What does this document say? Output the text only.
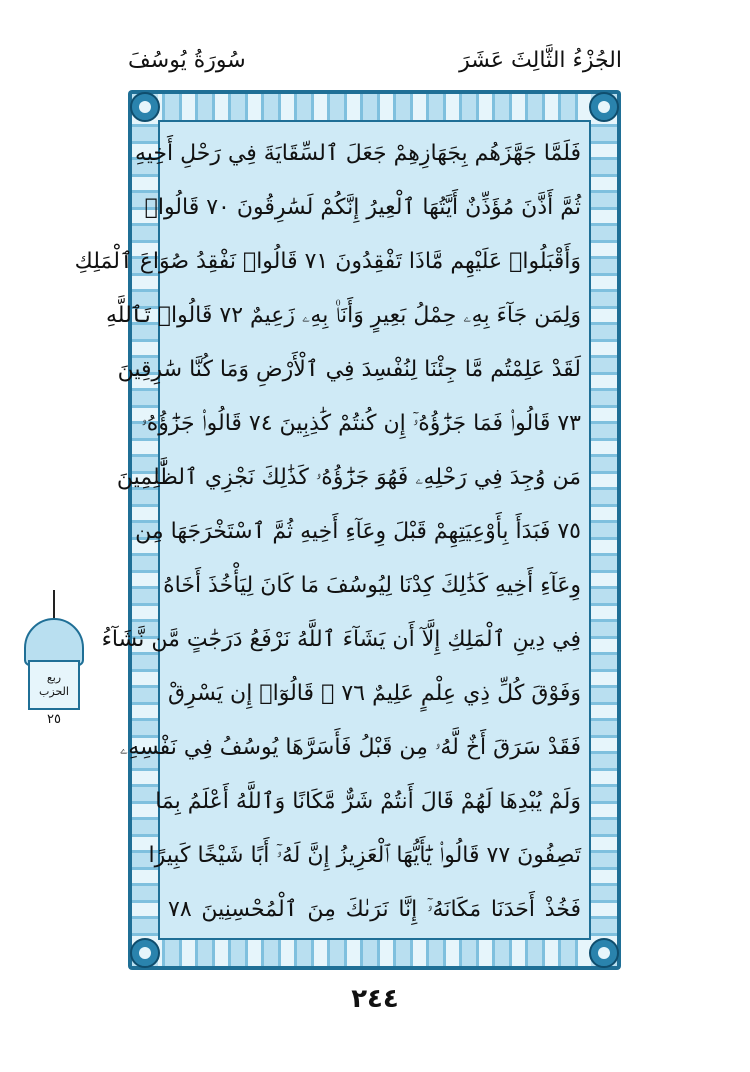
سُورَةُ يُوسُفَ	الجُزْءُ الثَّالِثَ عَشَرَ
فَلَمَّا جَهَّزَهُم بِجَهَازِهِمْ جَعَلَ ٱلسِّقَايَةَ فِي رَحْلِ أَخِيهِ
ثُمَّ أَذَّنَ مُؤَذِّنٌ أَيَّتُهَا ٱلْعِيرُ إِنَّكُمْ لَسَٰرِقُونَ ٧٠ قَالُوا۟
وَأَقْبَلُوا۟ عَلَيْهِم مَّاذَا تَفْقِدُونَ ٧١ قَالُوا۟ نَفْقِدُ صُوَاعَ ٱلْمَلِكِ
وَلِمَن جَآءَ بِهِۦ حِمْلُ بَعِيرٍ وَأَنَا۠ بِهِۦ زَعِيمٌ ٧٢ قَالُوا۟ تَٱللَّهِ
لَقَدْ عَلِمْتُم مَّا جِئْنَا لِنُفْسِدَ فِي ٱلْأَرْضِ وَمَا كُنَّا سَٰرِقِينَ
٧٣ قَالُوا۟ فَمَا جَزَٰٓؤُهُۥٓ إِن كُنتُمْ كَٰذِبِينَ ٧٤ قَالُوا۟ جَزَٰٓؤُهُۥ
مَن وُجِدَ فِي رَحْلِهِۦ فَهُوَ جَزَٰٓؤُهُۥ كَذَٰلِكَ نَجْزِي ٱلظَّٰلِمِينَ
٧٥ فَبَدَأَ بِأَوْعِيَتِهِمْ قَبْلَ وِعَآءِ أَخِيهِ ثُمَّ ٱسْتَخْرَجَهَا مِن
وِعَآءِ أَخِيهِ كَذَٰلِكَ كِدْنَا لِيُوسُفَ مَا كَانَ لِيَأْخُذَ أَخَاهُ
فِي دِينِ ٱلْمَلِكِ إِلَّآ أَن يَشَآءَ ٱللَّهُ نَرْفَعُ دَرَجَٰتٍ مَّن نَّشَآءُ
وَفَوْقَ كُلِّ ذِي عِلْمٍ عَلِيمٌ ٧٦ ۞ قَالُوٓا۟ إِن يَسْرِقْ
فَقَدْ سَرَقَ أَخٌ لَّهُۥ مِن قَبْلُ فَأَسَرَّهَا يُوسُفُ فِي نَفْسِهِۦ
وَلَمْ يُبْدِهَا لَهُمْ قَالَ أَنتُمْ شَرٌّ مَّكَانًا وَٱللَّهُ أَعْلَمُ بِمَا
تَصِفُونَ ٧٧ قَالُوا۟ يَٰٓأَيُّهَا ٱلْعَزِيزُ إِنَّ لَهُۥٓ أَبًا شَيْخًا كَبِيرًا
فَخُذْ أَحَدَنَا مَكَانَهُۥٓ إِنَّا نَرَىٰكَ مِنَ ٱلْمُحْسِنِينَ ٧٨
ربع
الحزب
٢٥
٢٤٤
